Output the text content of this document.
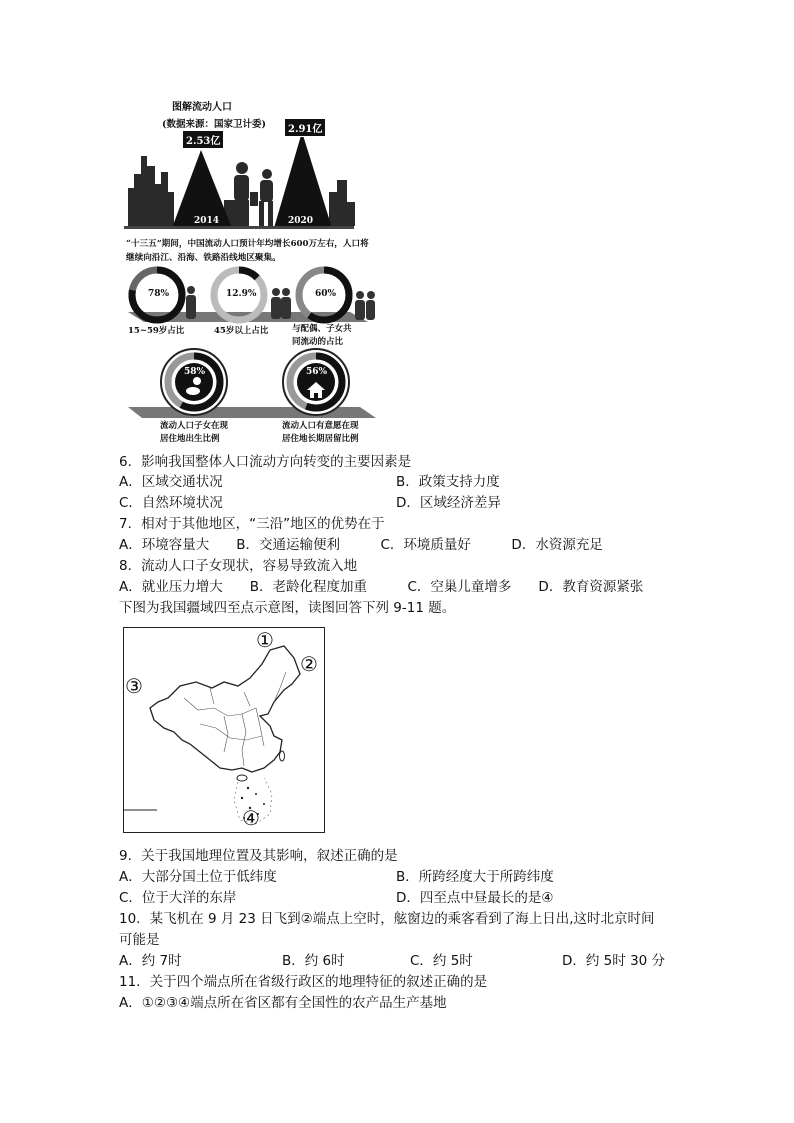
图解流动人口
(数据来源：国家卫计委)
2.53亿
2.91亿
2014	2020
“十三五”期间，中国流动人口预计年均增长600万左右，人口将
继续向沿江、沿海、铁路沿线地区聚集。
78%	12.9%	60%
15~59岁占比	45岁以上占比	与配偶、子女共
同流动的占比
58%	56%
流动人口子女在现
居住地出生比例
流动人口有意愿在现
居住地长期居留比例
6．影响我国整体人口流动方向转变的主要因素是
A．区域交通状况	B．政策支持力度
C．自然环境状况	D．区域经济差异
7．相对于其他地区，“三沿”地区的优势在于
A．环境容量大　　B．交通运输便利　　　C．环境质量好　　　D．水资源充足
8．流动人口子女现状，容易导致流入地
A．就业压力增大　　B．老龄化程度加重　　　C．空巢儿童增多　　D．教育资源紧张
下图为我国疆域四至点示意图，读图回答下列 9-11 题。
①
②
③
④
9．关于我国地理位置及其影响，叙述正确的是
A．大部分国土位于低纬度	B．所跨经度大于所跨纬度
C．位于大洋的东岸	D．四至点中昼最长的是④
10．某飞机在 9 月 23 日飞到②端点上空时，舷窗边的乘客看到了海上日出,这时北京时间
可能是
A．约 7时	B．约 6时	C．约 5时	D．约 5时 30 分
11．关于四个端点所在省级行政区的地理特征的叙述正确的是
A．①②③④端点所在省区都有全国性的农产品生产基地
